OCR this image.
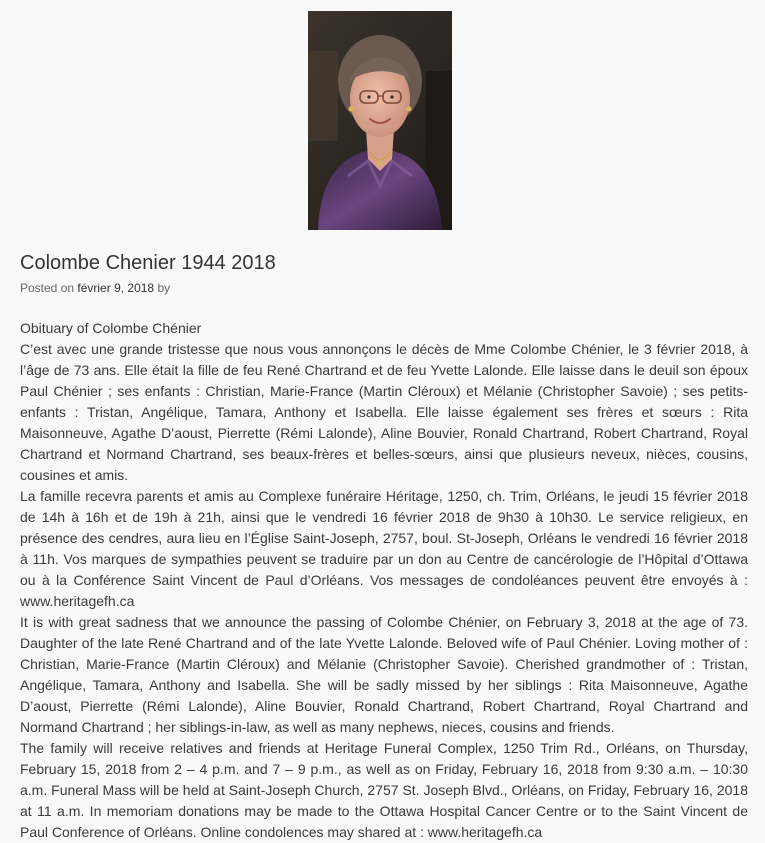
Colombe Chenier 1944 2018
Posted on février 9, 2018 by

Obituary of Colombe Chénier

C’est avec une grande tristesse que nous vous annonçons le décès de Mme Colombe Chénier, le 3 février 2018, à l’âge de 73 ans. Elle était la fille de feu René Chartrand et de feu Yvette Lalonde. Elle laisse dans le deuil son époux Paul Chénier ; ses enfants : Christian, Marie-France (Martin Cléroux) et Mélanie (Christopher Savoie) ; ses petits-enfants : Tristan, Angélique, Tamara, Anthony et Isabella. Elle laisse également ses frères et sœurs : Rita Maisonneuve, Agathe D’aoust, Pierrette (Rémi Lalonde), Aline Bouvier, Ronald Chartrand, Robert Chartrand, Royal Chartrand et Normand Chartrand, ses beaux-frères et belles-sœurs, ainsi que plusieurs neveux, nièces, cousins, cousines et amis.

La famille recevra parents et amis au Complexe funéraire Héritage, 1250, ch. Trim, Orléans, le jeudi 15 février 2018 de 14h à 16h et de 19h à 21h, ainsi que le vendredi 16 février 2018 de 9h30 à 10h30. Le service religieux, en présence des cendres, aura lieu en l’Église Saint-Joseph, 2757, boul. St-Joseph, Orléans le vendredi 16 février 2018 à 11h. Vos marques de sympathies peuvent se traduire par un don au Centre de cancérologie de l’Hôpital d’Ottawa ou à la Conférence Saint Vincent de Paul d’Orléans. Vos messages de condoléances peuvent être envoyés à : www.heritagefh.ca

It is with great sadness that we announce the passing of Colombe Chénier, on February 3, 2018 at the age of 73. Daughter of the late René Chartrand and of the late Yvette Lalonde. Beloved wife of Paul Chénier. Loving mother of : Christian, Marie-France (Martin Cléroux) and Mélanie (Christopher Savoie). Cherished grandmother of : Tristan, Angélique, Tamara, Anthony and Isabella. She will be sadly missed by her siblings : Rita Maisonneuve, Agathe D’aoust, Pierrette (Rémi Lalonde), Aline Bouvier, Ronald Chartrand, Robert Chartrand, Royal Chartrand and Normand Chartrand ; her siblings-in-law, as well as many nephews, nieces, cousins and friends.

The family will receive relatives and friends at Heritage Funeral Complex, 1250 Trim Rd., Orléans, on Thursday, February 15, 2018 from 2 – 4 p.m. and 7 – 9 p.m., as well as on Friday, February 16, 2018 from 9:30 a.m. – 10:30 a.m. Funeral Mass will be held at Saint-Joseph Church, 2757 St. Joseph Blvd., Orléans, on Friday, February 16, 2018 at 11 a.m. In memoriam donations may be made to the Ottawa Hospital Cancer Centre or to the Saint Vincent de Paul Conference of Orléans. Online condolences may shared at : www.heritagefh.ca
